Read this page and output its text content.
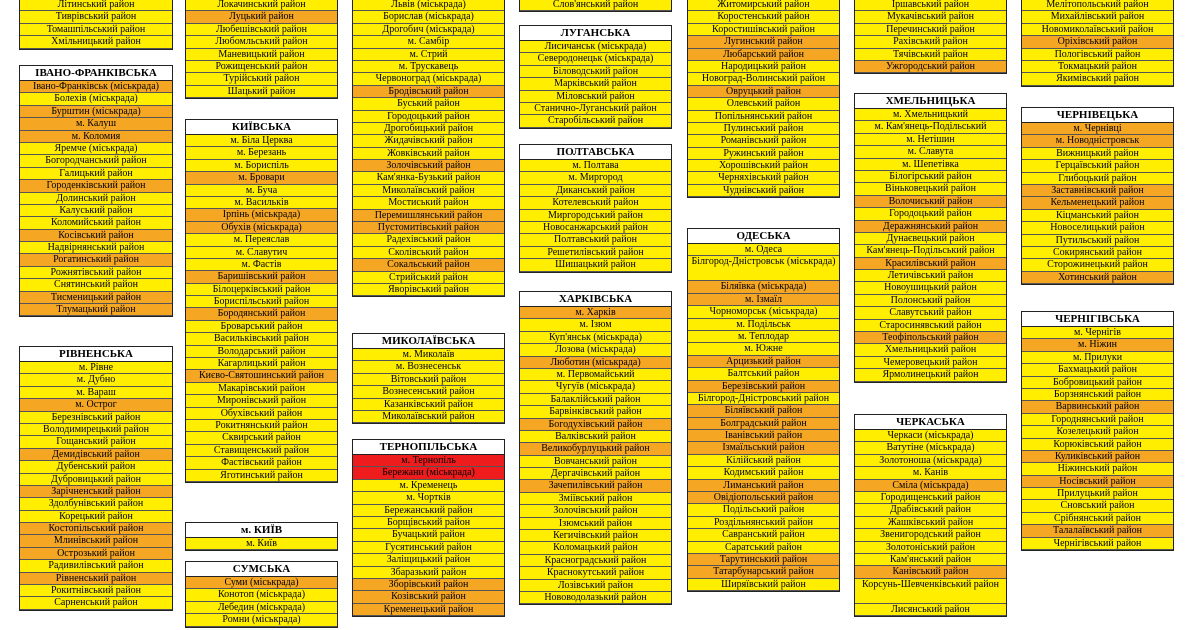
Літинський район
Тиврівський район
Томашпільський район
Хмільницький район
ІВАНО-ФРАНКІВСЬКА
Івано-Франківськ (міськрада)
Болехів (міськрада)
Бурштин (міськрада)
м. Калуш
м. Коломия
Яремче (міськрада)
Богородчанський район
Галицький район
Городенківський район
Долинський район
Калуський район
Коломийський район
Косівський район
Надвірнянський район
Рогатинський район
Рожнятівський район
Снятинський район
Тисменицький район
Тлумацький район
РІВНЕНСЬКА
м. Рівне
м. Дубно
м. Вараш
м. Острог
Березнівський район
Володимирецький район
Гощанський район
Демидівський район
Дубенський район
Дубровицький район
Зарічненський район
Здолбунівський район
Корецький район
Костопільський район
Млинівський район
Острозький район
Радивилівський район
Рівненський район
Рокитнівський район
Сарненський район
Локачинський район
Луцький район
Любешівський район
Любомльський район
Маневицький район
Рожищенський район
Турійський район
Шацький район
КИЇВСЬКА
м. Біла Церква
м. Березань
м. Бориспіль
м. Бровари
м. Буча
м. Васильків
Ірпінь (міськрада)
Обухів (міськрада)
м. Переяслав
м. Славутич
м. Фастів
Баришівський район
Білоцерківський район
Бориспільський район
Бородянський район
Броварський район
Васильківський район
Володарський район
Кагарлицький район
Києво-Святошинський район
Макарівський район
Миронівський район
Обухівський район
Рокитнянський район
Сквирський район
Ставищенський район
Фастівський район
Яготинський район
м. КИЇВ
м. Київ
СУМСЬКА
Суми (міськрада)
Конотоп (міськрада)
Лебедин (міськрада)
Ромни (міськрада)
Львів (міськрада)
Борислав (міськрада)
Дрогобич (міськрада)
м. Самбір
м. Стрий
м. Трускавець
Червоноград (міськрада)
Бродівський район
Буський район
Городоцький район
Дрогобицький район
Жидачівський район
Жовківський район
Золочівський район
Кам'янка-Бузький район
Миколаївський район
Мостиський район
Перемишлянський район
Пустомитівський район
Радехівський район
Сколівський район
Сокальський район
Стрийський район
Яворівський район
МИКОЛАЇВСЬКА
м. Миколаїв
м. Вознесенськ
Вітовський район
Вознесенський район
Казанківський район
Миколаївський район
ТЕРНОПІЛЬСЬКА
м. Тернопіль
Бережани (міськрада)
м. Кременець
м. Чортків
Бережанський район
Борщівський район
Бучацький район
Гусятинський район
Заліщицький район
Збаразький район
Зборівський район
Козівський район
Кременецький район
Слов'янський район
ЛУГАНСЬКА
Лисичанськ (міськрада)
Северодонецьк (міськрада)
Біловодський район
Марківський район
Міловський район
Станично-Луганський район
Старобільський район
ПОЛТАВСЬКА
м. Полтава
м. Миргород
Диканський район
Котелевський район
Миргородський район
Новосанжарський район
Полтавський район
Решетилівський район
Шишацький район
ХАРКІВСЬКА
м. Харків
м. Ізюм
Куп'янськ (міськрада)
Лозова (міськрада)
Люботин (міськрада)
м. Первомайський
Чугуїв (міськрада)
Балаклійський район
Барвінківський район
Богодухівський район
Валківський район
Великобурлуцький район
Вовчанський район
Дергачівський район
Зачепилівський район
Зміївський район
Золочівський район
Ізюмський район
Кегичівський район
Коломацький район
Красноградський район
Краснокутський район
Лозівський район
Нововодолазький район
Житомирський район
Коростенський район
Коростишівський район
Лугинський район
Любарський район
Народицький район
Новоград-Волинський район
Овруцький район
Олевський район
Попільнянський район
Пулинський район
Романівський район
Ружинський район
Хорошівський район
Черняхівський район
Чуднівський район
ОДЕСЬКА
м. Одеса
Білгород-Дністровськ (міськрада)
Біляївка (міськрада)
м. Ізмаїл
Чорноморськ (міськрада)
м. Подільськ
м. Теплодар
м. Южне
Арцизький район
Балтський район
Березівський район
Білгород-Дністровський район
Біляївський район
Болградський район
Іванівський район
Ізмаїльський район
Кілійський район
Кодимський район
Лиманський район
Овідіопольський район
Подільський район
Роздільнянський район
Савранський район
Саратський район
Тарутинський район
Татарбунарський район
Ширяївський район
Іршавський район
Мукачівський район
Перечинський район
Рахівський район
Тячівський район
Ужгородський район
ХМЕЛЬНИЦЬКА
м. Хмельницький
м. Кам'янець-Подільський
м. Нетішин
м. Славута
м. Шепетівка
Білогірський район
Віньковецький район
Волочиський район
Городоцький район
Деражнянський район
Дунаєвецький район
Кам'янець-Подільський район
Красилівський район
Летичівський район
Новоушицький район
Полонський район
Славутський район
Старосинявський район
Теофіпольський район
Хмельницький район
Чемеровецький район
Ярмолинецький район
ЧЕРКАСЬКА
Черкаси (міськрада)
Ватутіне (міськрада)
Золотоноша (міськрада)
м. Канів
Сміла (міськрада)
Городищенський район
Драбівський район
Жашківський район
Звенигородський район
Золотоніський район
Кам'янський район
Канівський район
Корсунь-Шевченківський район
Лисянський район
Мелітопольський район
Михайлівський район
Новомиколаївський район
Оріхівський район
Пологівський район
Токмацький район
Якимівський район
ЧЕРНІВЕЦЬКА
м. Чернівці
м. Новодністровськ
Вижницький район
Герцаївський район
Глибоцький район
Заставнівський район
Кельменецький район
Кіцманський район
Новоселицький район
Путильський район
Сокирянський район
Сторожинецький район
Хотинський район
ЧЕРНІГІВСЬКА
м. Чернігів
м. Ніжин
м. Прилуки
Бахмацький район
Бобровицький район
Борзнянський район
Варвинський район
Городнянський район
Козелецький район
Корюківський район
Куликівський район
Ніжинський район
Носівський район
Прилуцький район
Сновський район
Срібнянський район
Талалаївський район
Чернігівський район
